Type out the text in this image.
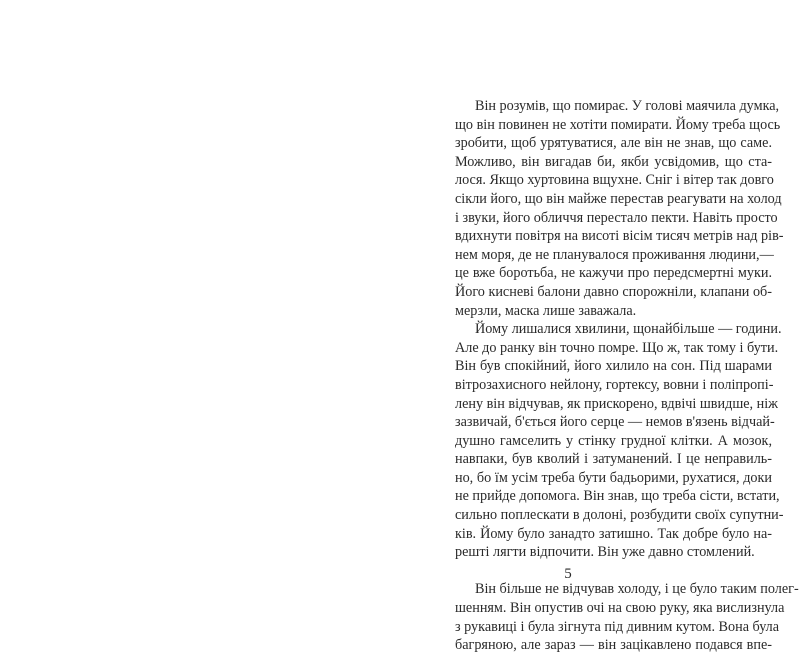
Він розумів, що помирає. У голові маячила думка,
що він повинен не хотіти помирати. Йому треба щось
зробити, щоб урятуватися, але він не знав, що саме.
Можливо, він вигадав би, якби усвідомив, що ста-
лося. Якщо хуртовина вщухне. Сніг і вітер так довго
сікли його, що він майже перестав реагувати на холод
і звуки, його обличчя перестало пекти. Навіть просто
вдихнути повітря на висоті вісім тисяч метрів над рів-
нем моря, де не планувалося проживання людини,—
це вже боротьба, не кажучи про передсмертні муки.
Його кисневі балони давно спорожніли, клапани об-
мерзли, маска лише заважала.
Йому лишалися хвилини, щонайбільше — години.
Але до ранку він точно помре. Що ж, так тому і бути.
Він був спокійний, його хилило на сон. Під шарами
вітрозахисного нейлону, гортексу, вовни і поліпропі-
лену він відчував, як прискорено, вдвічі швидше, ніж
зазвичай, б'ється його серце — немов в'язень відчай-
душно гамселить у стінку грудної клітки. А мозок,
навпаки, був кволий і затуманений. І це неправиль-
но, бо їм усім треба бути бадьорими, рухатися, доки
не прийде допомога. Він знав, що треба сісти, встати,
сильно поплескати в долоні, розбудити своїх супутни-
ків. Йому було занадто затишно. Так добре було на-
решті лягти відпочити. Він уже давно стомлений.
Він більше не відчував холоду, і це було таким полег-
шенням. Він опустив очі на свою руку, яка вислизнула
з рукавиці і була зігнута під дивним кутом. Вона була
багряною, але зараз — він зацікавлено подався впе-
5
